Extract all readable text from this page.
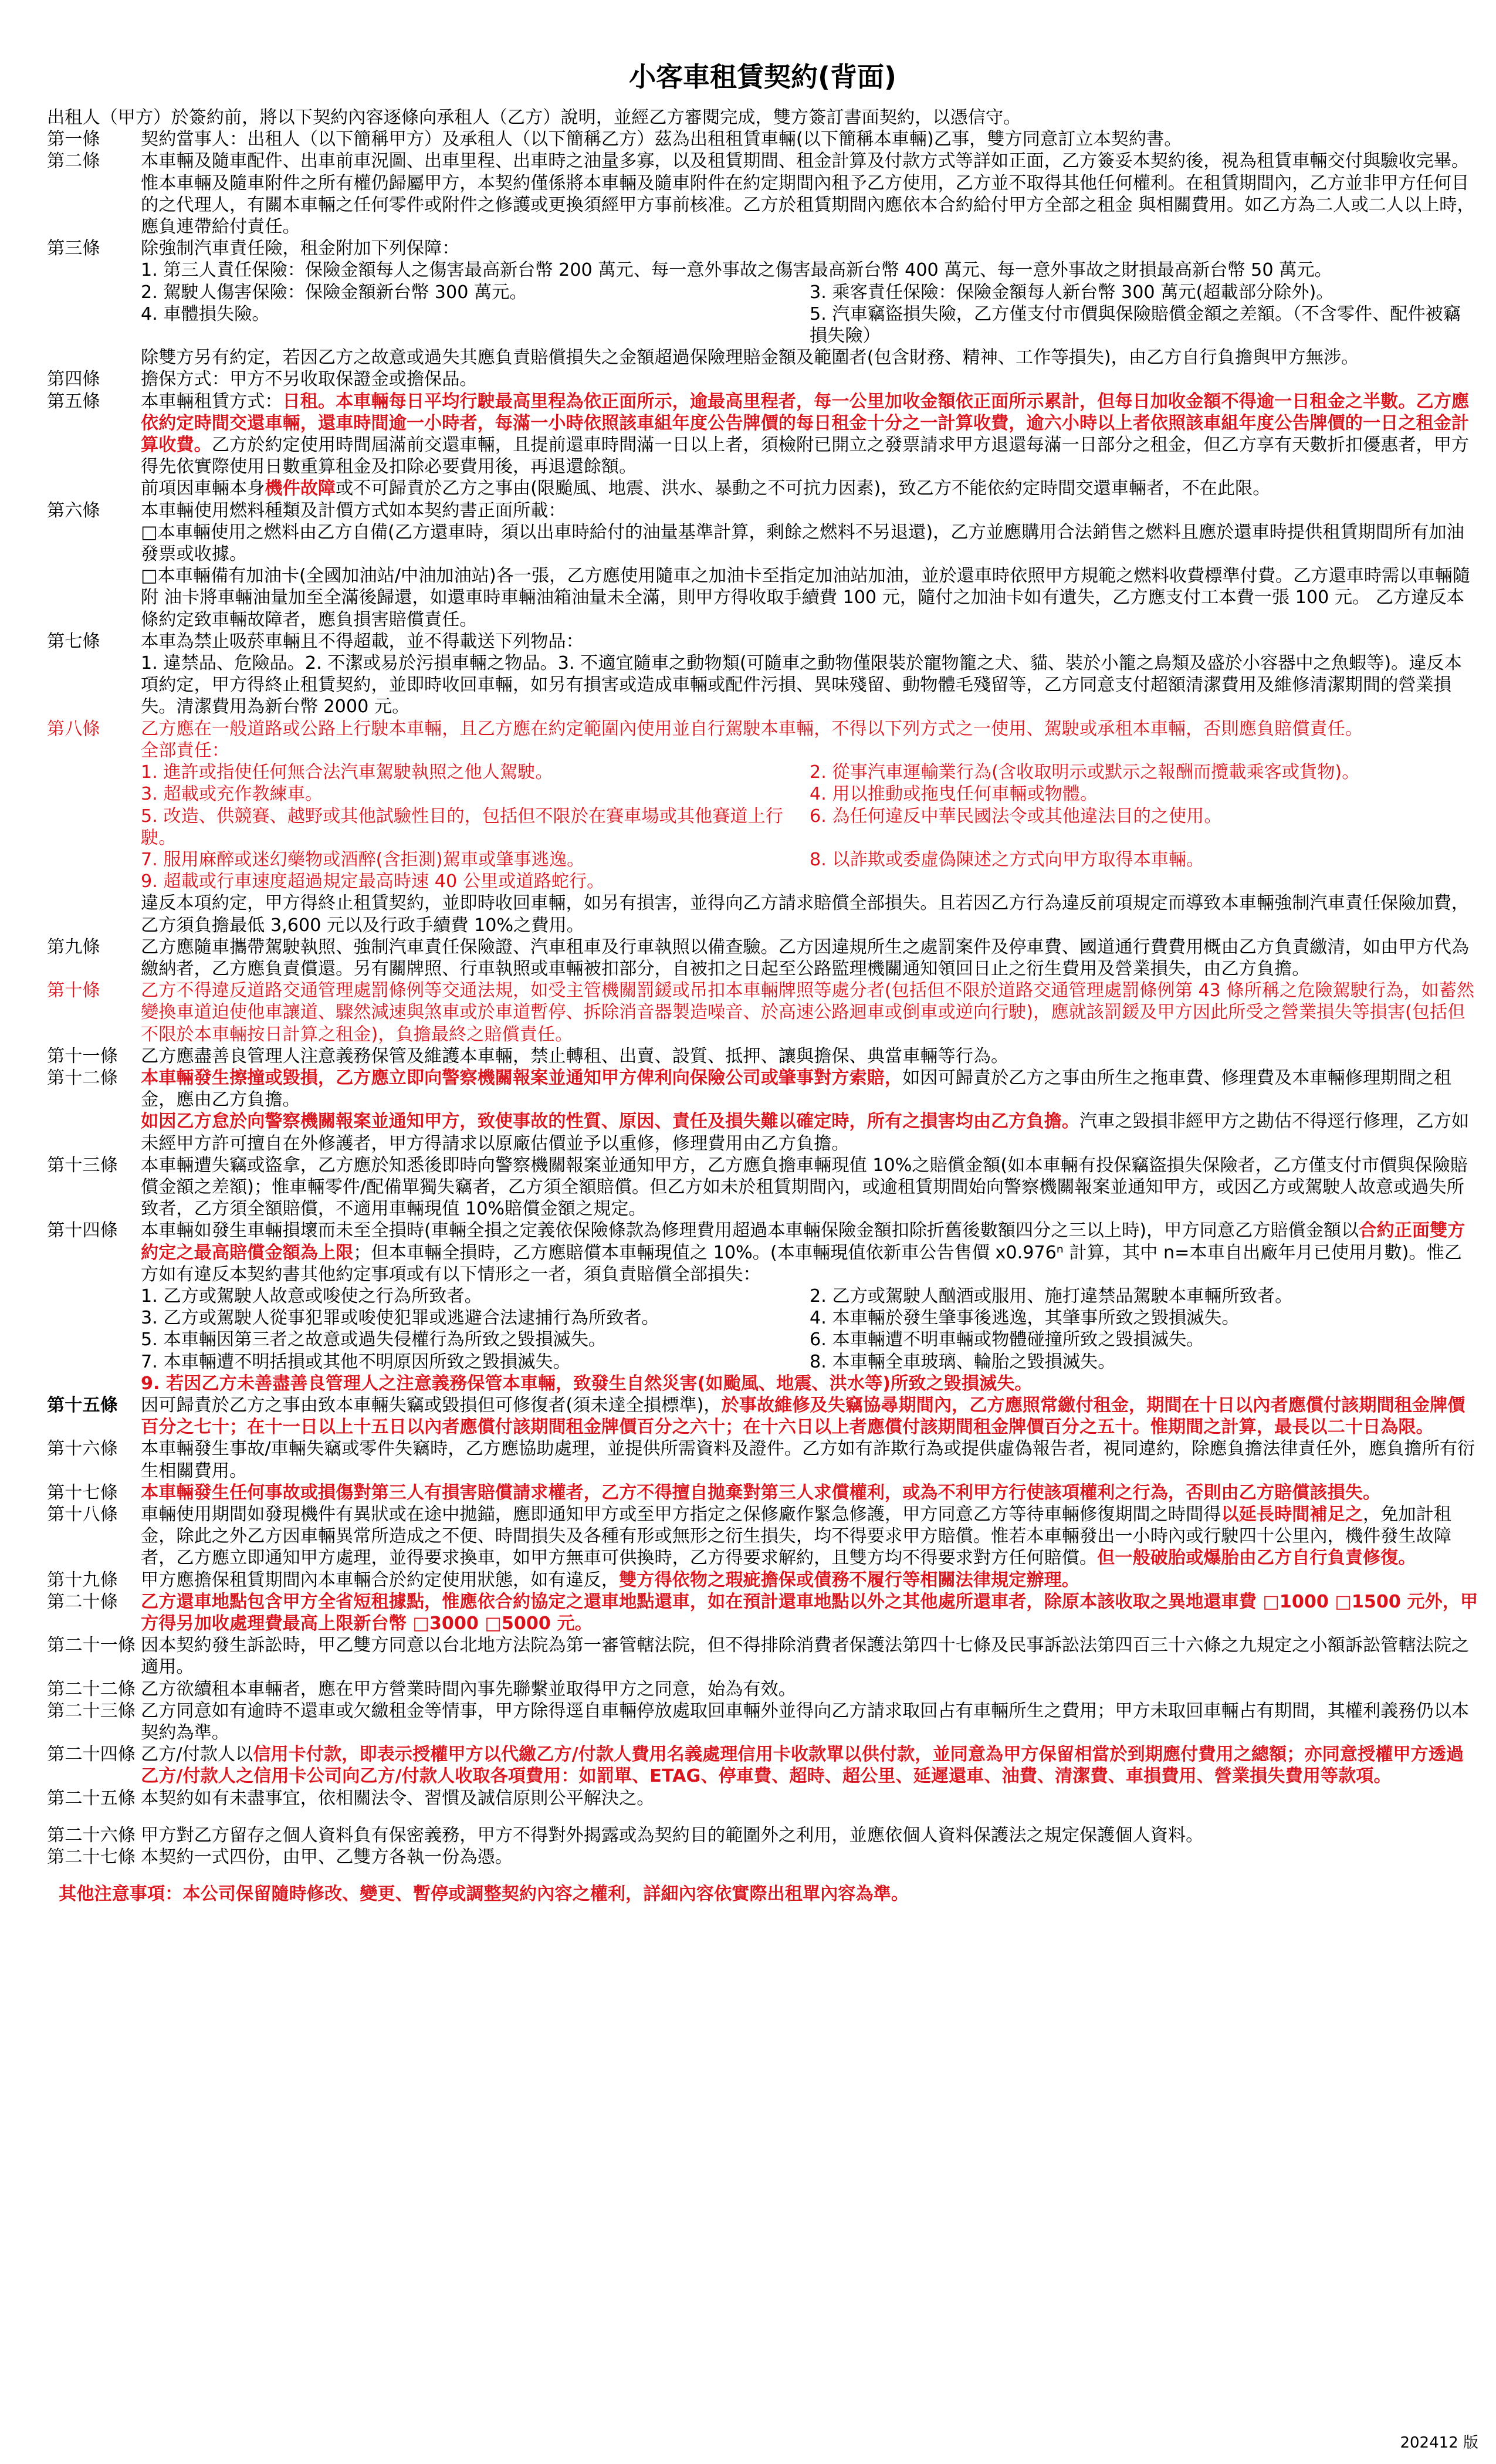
小客車租賃契約(背面)

出租人（甲方）於簽約前，將以下契約內容逐條向承租人（乙方）說明，並經乙方審閱完成，雙方簽訂書面契約，以憑信守。

第一條	契約當事人：出租人（以下簡稱甲方）及承租人（以下簡稱乙方）茲為出租租賃車輛(以下簡稱本車輛)乙事，雙方同意訂立本契約書。
第二條	本車輛及隨車配件、出車前車況圖、出車里程、出車時之油量多寡，以及租賃期間、租金計算及付款方式等詳如正面，乙方簽妥本契約後，視為租賃車輛交付與驗收完畢。

惟本車輛及隨車附件之所有權仍歸屬甲方，本契約僅係將本車輛及隨車附件在約定期間內租予乙方使用，乙方並不取得其他任何權利。在租賃期間內，乙方並非甲方任何目的之代理人，有關本車輛之任何零件或附件之修護或更換須經甲方事前核准。乙方於租賃期間內應依本合約給付甲方全部之租金 與相關費用。如乙方為二人或二人以上時，應負連帶給付責任。

第三條	除強制汽車責任險，租金附加下列保障：

1. 第三人責任保險：保險金額每人之傷害最高新台幣 200 萬元、每一意外事故之傷害最高新台幣 400 萬元、每一意外事故之財損最高新台幣 50 萬元。

2. 駕駛人傷害保險：保險金額新台幣 300 萬元。	3. 乘客責任保險：保險金額每人新台幣 300 萬元(超載部分除外)。
4. 車體損失險。	5. 汽車竊盜損失險，乙方僅支付市價與保險賠償金額之差額。（不含零件、配件被竊損失險）

除雙方另有約定，若因乙方之故意或過失其應負責賠償損失之金額超過保險理賠金額及範圍者(包含財務、精神、工作等損失)，由乙方自行負擔與甲方無涉。

第四條	擔保方式：甲方不另收取保證金或擔保品。
第五條	本車輛租賃方式：日租。本車輛每日平均行駛最高里程為依正面所示，逾最高里程者，每一公里加收金額依正面所示累計，但每日加收金額不得逾一日租金之半數。乙方應依約定時間交還車輛，還車時間逾一小時者，每滿一小時依照該車組年度公告牌價的每日租金十分之一計算收費，逾六小時以上者依照該車組年度公告牌價的一日之租金計算收費。乙方於約定使用時間屆滿前交還車輛，且提前還車時間滿一日以上者，須檢附已開立之發票請求甲方退還每滿一日部分之租金，但乙方享有天數折扣優惠者，甲方得先依實際使用日數重算租金及扣除必要費用後，再退還餘額。

前項因車輛本身機件故障或不可歸責於乙方之事由(限颱風、地震、洪水、暴動之不可抗力因素)，致乙方不能依約定時間交還車輛者，不在此限。

第六條	本車輛使用燃料種類及計價方式如本契約書正面所載：

□本車輛使用之燃料由乙方自備(乙方還車時，須以出車時給付的油量基準計算，剩餘之燃料不另退還)，乙方並應購用合法銷售之燃料且應於還車時提供租賃期間所有加油發票或收據。

□本車輛備有加油卡(全國加油站/中油加油站)各一張，乙方應使用隨車之加油卡至指定加油站加油，並於還車時依照甲方規範之燃料收費標準付費。乙方還車時需以車輛隨附 油卡將車輛油量加至全滿後歸還，如還車時車輛油箱油量未全滿，則甲方得收取手續費 100 元，隨付之加油卡如有遺失，乙方應支付工本費一張 100 元。 乙方違反本條約定致車輛故障者，應負損害賠償責任。

第七條	本車為禁止吸菸車輛且不得超載，並不得載送下列物品：

1. 違禁品、危險品。2. 不潔或易於污損車輛之物品。3. 不適宜隨車之動物類(可隨車之動物僅限裝於寵物籠之犬、貓、裝於小籠之鳥類及盛於小容器中之魚蝦等)。違反本項約定，甲方得終止租賃契約，並即時收回車輛，如另有損害或造成車輛或配件污損、異味殘留、動物體毛殘留等，乙方同意支付超額清潔費用及維修清潔期間的營業損失。清潔費用為新台幣 2000 元。

第八條	乙方應在一般道路或公路上行駛本車輛，且乙方應在約定範圍內使用並自行駕駛本車輛，不得以下列方式之一使用、駕駛或承租本車輛，否則應負賠償責任。

全部責任：

1. 進許或指使任何無合法汽車駕駛執照之他人駕駛。	2. 從事汽車運輸業行為(含收取明示或默示之報酬而攬載乘客或貨物)。
3. 超載或充作教練車。	4. 用以推動或拖曳任何車輛或物體。
5. 改造、供競賽、越野或其他試驗性目的，包括但不限於在賽車場或其他賽道上行駛。
6. 為任何違反中華民國法令或其他違法目的之使用。
7. 服用麻醉或迷幻藥物或酒醉(含拒測)駕車或肇事逃逸。	8. 以詐欺或委虛偽陳述之方式向甲方取得本車輛。

9. 超載或行車速度超過規定最高時速 40 公里或道路蛇行。

違反本項約定，甲方得終止租賃契約，並即時收回車輛，如另有損害，並得向乙方請求賠償全部損失。且若因乙方行為違反前項規定而導致本車輛強制汽車責任保險加費，乙方須負擔最低 3,600 元以及行政手續費 10%之費用。

第九條	乙方應隨車攜帶駕駛執照、強制汽車責任保險證、汽車租車及行車執照以備查驗。乙方因違規所生之處罰案件及停車費、國道通行費費用概由乙方負責繳清，如由甲方代為繳納者，乙方應負責償還。另有關牌照、行車執照或車輛被扣部分，自被扣之日起至公路監理機關通知領回日止之衍生費用及營業損失，由乙方負擔。
第十條	乙方不得違反道路交通管理處罰條例等交通法規，如受主管機關罰鍰或吊扣本車輛牌照等處分者(包括但不限於道路交通管理處罰條例第 43 條所稱之危險駕駛行為，如蓄然變換車道迫使他車讓道、驟然減速與煞車或於車道暫停、拆除消音器製造噪音、於高速公路迴車或倒車或逆向行駛)，應就該罰鍰及甲方因此所受之營業損失等損害(包括但不限於本車輛按日計算之租金)，負擔最終之賠償責任。
第十一條	乙方應盡善良管理人注意義務保管及維護本車輛，禁止轉租、出賣、設質、抵押、讓與擔保、典當車輛等行為。
第十二條	本車輛發生擦撞或毀損，乙方應立即向警察機關報案並通知甲方俾利向保險公司或肇事對方索賠，如因可歸責於乙方之事由所生之拖車費、修理費及本車輛修理期間之租金，應由乙方負擔。

如因乙方怠於向警察機關報案並通知甲方，致使事故的性質、原因、責任及損失難以確定時，所有之損害均由乙方負擔。汽車之毀損非經甲方之勘估不得逕行修理，乙方如未經甲方許可擅自在外修護者，甲方得請求以原廠估價並予以重修，修理費用由乙方負擔。

第十三條	本車輛遭失竊或盜拿，乙方應於知悉後即時向警察機關報案並通知甲方，乙方應負擔車輛現值 10%之賠償金額(如本車輛有投保竊盜損失保險者，乙方僅支付市價與保險賠償金額之差額)；惟車輛零件/配備單獨失竊者，乙方須全額賠償。但乙方如未於租賃期間內，或逾租賃期間始向警察機關報案並通知甲方，或因乙方或駕駛人故意或過失所致者，乙方須全額賠償，不適用車輛現值 10%賠償金額之規定。
第十四條	本車輛如發生車輛損壞而未至全損時(車輛全損之定義依保險條款為修理費用超過本車輛保險金額扣除折舊後數額四分之三以上時)，甲方同意乙方賠償金額以合約正面雙方約定之最高賠償金額為上限；但本車輛全損時，乙方應賠償本車輛現值之 10%。(本車輛現值依新車公告售價 x0.976ⁿ 計算，其中 n=本車自出廠年月已使用月數)。惟乙方如有違反本契約書其他約定事項或有以下情形之一者，須負責賠償全部損失：
1. 乙方或駕駛人故意或唆使之行為所致者。	2. 乙方或駕駛人酗酒或服用、施打違禁品駕駛本車輛所致者。
3. 乙方或駕駛人從事犯罪或唆使犯罪或逃避合法逮捕行為所致者。	4. 本車輛於發生肇事後逃逸，其肇事所致之毀損滅失。
5. 本車輛因第三者之故意或過失侵權行為所致之毀損滅失。	6. 本車輛遭不明車輛或物體碰撞所致之毀損滅失。
7. 本車輛遭不明括損或其他不明原因所致之毀損滅失。	8. 本車輛全車玻璃、輪胎之毀損滅失。

9. 若因乙方未善盡善良管理人之注意義務保管本車輛，致發生自然災害(如颱風、地震、洪水等)所致之毀損滅失。

第十五條	因可歸責於乙方之事由致本車輛失竊或毀損但可修復者(須未達全損標準)，於事故維修及失竊協尋期間內，乙方應照常繳付租金，期間在十日以內者應償付該期間租金牌價百分之七十；在十一日以上十五日以內者應償付該期間租金牌價百分之六十；在十六日以上者應償付該期間租金牌價百分之五十。惟期間之計算，最長以二十日為限。
第十六條	本車輛發生事故/車輛失竊或零件失竊時，乙方應協助處理，並提供所需資料及證件。乙方如有詐欺行為或提供虛偽報告者，視同違約，除應負擔法律責任外，應負擔所有衍生相關費用。
第十七條	本車輛發生任何事故或損傷對第三人有損害賠償請求權者，乙方不得擅自拋棄對第三人求償權利，或為不利甲方行使該項權利之行為，否則由乙方賠償該損失。
第十八條	車輛使用期間如發現機件有異狀或在途中拋錨，應即通知甲方或至甲方指定之保修廠作緊急修護，甲方同意乙方等待車輛修復期間之時間得以延長時間補足之，免加計租金，除此之外乙方因車輛異常所造成之不便、時間損失及各種有形或無形之衍生損失，均不得要求甲方賠償。惟若本車輛發出一小時內或行駛四十公里內，機件發生故障者，乙方應立即通知甲方處理，並得要求換車，如甲方無車可供換時，乙方得要求解約，且雙方均不得要求對方任何賠償。但一般破胎或爆胎由乙方自行負責修復。
第十九條	甲方應擔保租賃期間內本車輛合於約定使用狀態，如有違反，雙方得依物之瑕疵擔保或債務不履行等相關法律規定辦理。
第二十條	乙方還車地點包含甲方全省短租據點，惟應依合約協定之還車地點還車，如在預計還車地點以外之其他處所還車者，除原本該收取之異地還車費 □1000 □1500 元外，甲方得另加收處理費最高上限新台幣 □3000 □5000 元。
第二十一條 因本契約發生訴訟時，甲乙雙方同意以台北地方法院為第一審管轄法院，但不得排除消費者保護法第四十七條及民事訴訟法第四百三十六條之九規定之小額訴訟管轄法院之適用。
第二十二條 乙方欲續租本車輛者，應在甲方營業時間內事先聯繫並取得甲方之同意，始為有效。
第二十三條 乙方同意如有逾時不還車或欠繳租金等情事，甲方除得逕自車輛停放處取回車輛外並得向乙方請求取回占有車輛所生之費用；甲方未取回車輛占有期間，其權利義務仍以本契約為準。
第二十四條 乙方/付款人以信用卡付款，即表示授權甲方以代繳乙方/付款人費用名義處理信用卡收款單以供付款，並同意為甲方保留相當於到期應付費用之總額；亦同意授權甲方透過乙方/付款人之信用卡公司向乙方/付款人收取各項費用：如罰單、ETAG、停車費、超時、超公里、延遲還車、油費、清潔費、車損費用、營業損失費用等款項。
第二十五條 本契約如有未盡事宜，依相關法令、習慣及誠信原則公平解決之。
第二十六條 甲方對乙方留存之個人資料負有保密義務，甲方不得對外揭露或為契約目的範圍外之利用，並應依個人資料保護法之規定保護個人資料。
第二十七條 本契約一式四份，由甲、乙雙方各執一份為憑。

其他注意事項：本公司保留隨時修改、變更、暫停或調整契約內容之權利，詳細內容依實際出租單內容為準。

202412 版
